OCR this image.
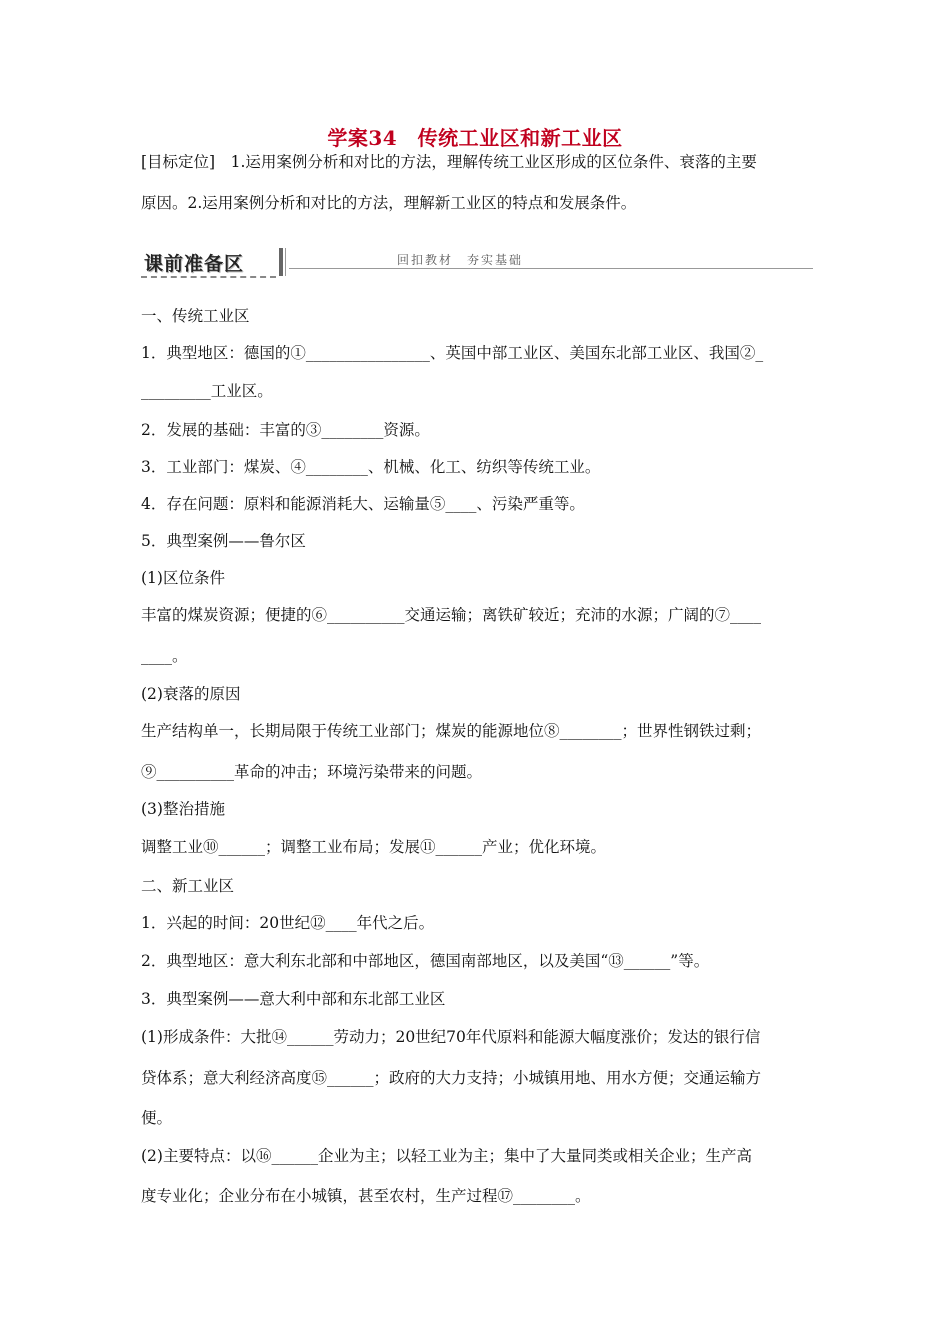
学案34　传统工业区和新工业区
[目标定位]　1.运用案例分析和对比的方法，理解传统工业区形成的区位条件、衰落的主要
原因。2.运用案例分析和对比的方法，理解新工业区的特点和发展条件。
课前准备区	回扣教材　夯实基础
一、传统工业区
1．典型地区：德国的①________________、英国中部工业区、美国东北部工业区、我国②_
_________工业区。
2．发展的基础：丰富的③________资源。
3．工业部门：煤炭、④________、机械、化工、纺织等传统工业。
4．存在问题：原料和能源消耗大、运输量⑤____、污染严重等。
5．典型案例——鲁尔区
(1)区位条件
丰富的煤炭资源；便捷的⑥__________交通运输；离铁矿较近；充沛的水源；广阔的⑦____
____。
(2)衰落的原因
生产结构单一，长期局限于传统工业部门；煤炭的能源地位⑧________；世界性钢铁过剩；
⑨__________革命的冲击；环境污染带来的问题。
(3)整治措施
调整工业⑩______；调整工业布局；发展⑪______产业；优化环境。
二、新工业区
1．兴起的时间：20世纪⑫____年代之后。
2．典型地区：意大利东北部和中部地区，德国南部地区，以及美国“⑬______”等。
3．典型案例——意大利中部和东北部工业区
(1)形成条件：大批⑭______劳动力；20世纪70年代原料和能源大幅度涨价；发达的银行信
贷体系；意大利经济高度⑮______；政府的大力支持；小城镇用地、用水方便；交通运输方
便。
(2)主要特点：以⑯______企业为主；以轻工业为主；集中了大量同类或相关企业；生产高
度专业化；企业分布在小城镇，甚至农村，生产过程⑰________。
